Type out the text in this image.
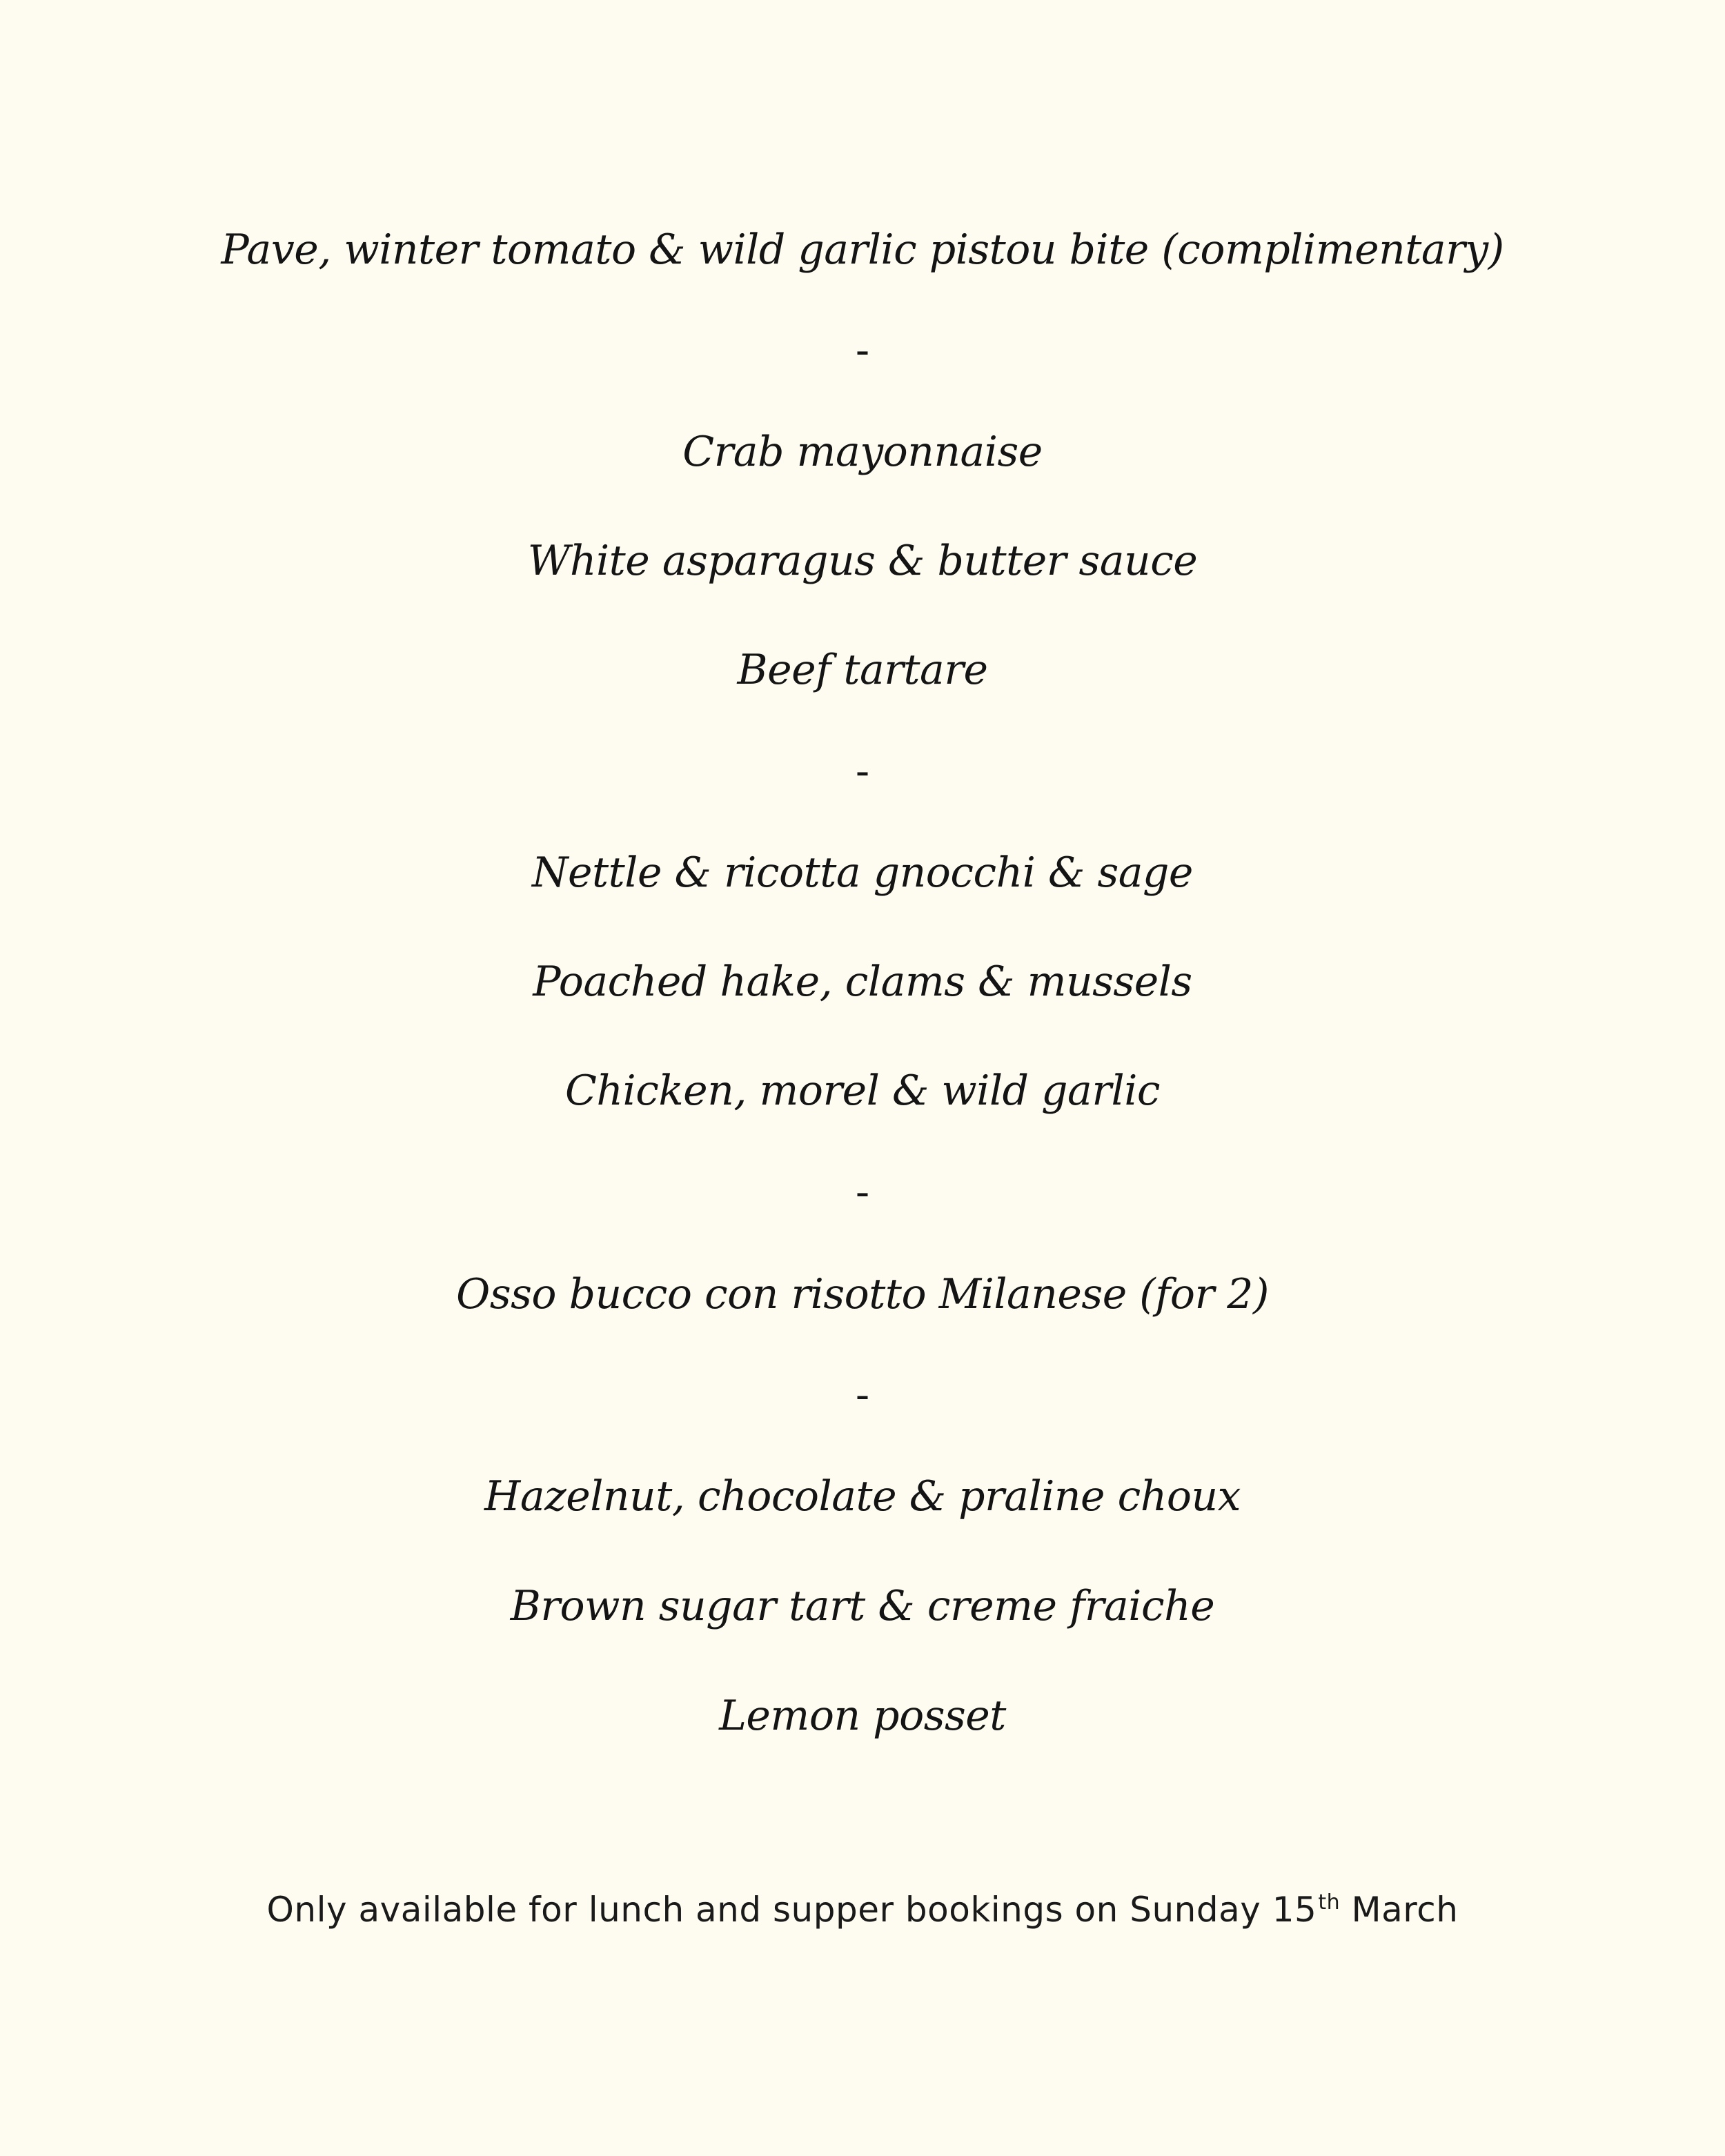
Pave, winter tomato & wild garlic pistou bite (complimentary)
-
Crab mayonnaise
White asparagus & butter sauce
Beef tartare
-
Nettle & ricotta gnocchi & sage
Poached hake, clams & mussels
Chicken, morel & wild garlic
-
Osso bucco con risotto Milanese (for 2)
-
Hazelnut, chocolate & praline choux
Brown sugar tart & creme fraiche
Lemon posset
Only available for lunch and supper bookings on Sunday 15th March
